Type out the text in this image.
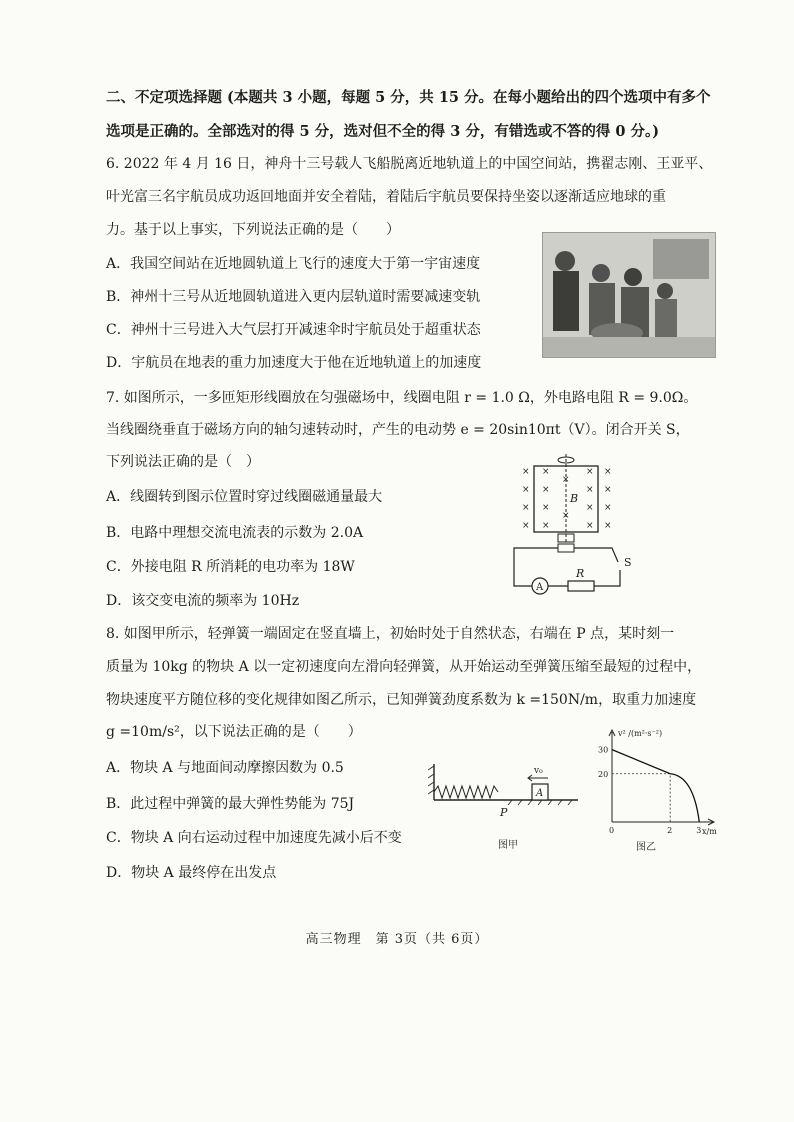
二、不定项选择题 (本题共 3 小题，每题 5 分，共 15 分。在每小题给出的四个选项中有多个
选项是正确的。全部选对的得 5 分，选对但不全的得 3 分，有错选或不答的得 0 分。)
6. 2022 年 4 月 16 日，神舟十三号载人飞船脱离近地轨道上的中国空间站，携翟志刚、王亚平、
叶光富三名宇航员成功返回地面并安全着陆，着陆后宇航员要保持坐姿以逐渐适应地球的重
力。基于以上事实，下列说法正确的是（　　）
A．我国空间站在近地圆轨道上飞行的速度大于第一宇宙速度
B．神州十三号从近地圆轨道进入更内层轨道时需要减速变轨
C．神州十三号进入大气层打开减速伞时宇航员处于超重状态
D．宇航员在地表的重力加速度大于他在近地轨道上的加速度
7. 如图所示，一多匝矩形线圈放在匀强磁场中，线圈电阻 r = 1.0 Ω，外电路电阻 R = 9.0Ω。
当线圈绕垂直于磁场方向的轴匀速转动时，产生的电动势 e = 20sin10πt（V）。闭合开关 S，
下列说法正确的是（　）
A．线圈转到图示位置时穿过线圈磁通量最大
B．电路中理想交流电流表的示数为 2.0A
C．外接电阻 R 所消耗的电功率为 18W
D．该交变电流的频率为 10Hz
× ×	× ×
× ×	× ×
× ×	× ×
× ×	× ×
×
×
B
A
R
S
8. 如图甲所示，轻弹簧一端固定在竖直墙上，初始时处于自然状态，右端在 P 点，某时刻一
质量为 10kg 的物块 A 以一定初速度向左滑向轻弹簧，从开始运动至弹簧压缩至最短的过程中，
物块速度平方随位移的变化规律如图乙所示，已知弹簧劲度系数为 k =150N/m，取重力加速度
g =10m/s²，以下说法正确的是（　　）
A．物块 A 与地面间动摩擦因数为 0.5
B．此过程中弹簧的最大弹性势能为 75J
C．物块 A 向右运动过程中加速度先减小后不变
D．物块 A 最终停在出发点
P
A
v₀
图甲
v² /(m²·s⁻²)
x/m
30
20
0	2	3
图乙
高三物理　第 3页（共 6页）
